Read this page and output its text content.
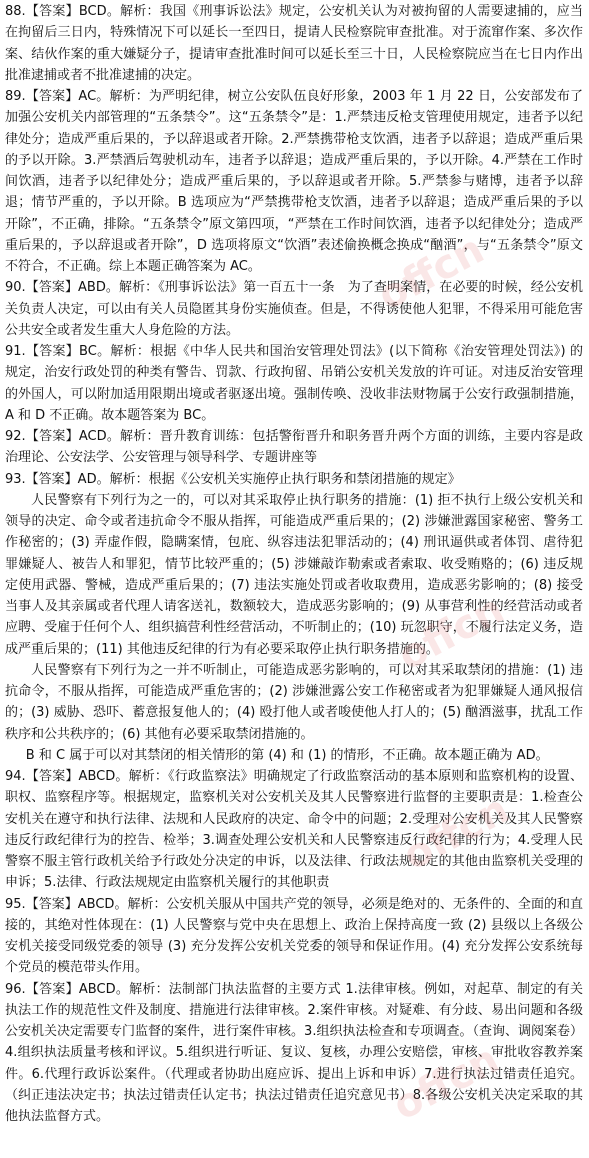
offcn
offcn
offcn
offcn

88.【答案】BCD。解析：我国《刑事诉讼法》规定，公安机关认为对被拘留的人需要逮捕的，应当在拘留后三日内，特殊情况下可以延长一至四日，提请人民检察院审查批准。对于流窜作案、多次作案、结伙作案的重大嫌疑分子，提请审查批准时间可以延长至三十日，人民检察院应当在七日内作出批准逮捕或者不批准逮捕的决定。

89.【答案】AC。解析：为严明纪律，树立公安队伍良好形象，2003 年 1 月 22 日，公安部发布了加强公安机关内部管理的“五条禁令”。这“五条禁令”是：1.严禁违反枪支管理使用规定，违者予以纪律处分；造成严重后果的，予以辞退或者开除。2.严禁携带枪支饮酒，违者予以辞退；造成严重后果的予以开除。3.严禁酒后驾驶机动车，违者予以辞退；造成严重后果的，予以开除。4.严禁在工作时间饮酒，违者予以纪律处分；造成严重后果的，予以辞退或者开除。5.严禁参与赌博，违者予以辞退；情节严重的，予以开除。B 选项应为“严禁携带枪支饮酒，违者予以辞退；造成严重后果的予以开除”，不正确，排除。“五条禁令”原文第四项，“严禁在工作时间饮酒，违者予以纪律处分；造成严重后果的，予以辞退或者开除”，D 选项将原文“饮酒”表述偷换概念换成“酗酒”，与“五条禁令”原文不符合，不正确。综上本题正确答案为 AC。

90.【答案】ABD。解析：《刑事诉讼法》第一百五十一条　为了查明案情，在必要的时候，经公安机关负责人决定，可以由有关人员隐匿其身份实施侦查。但是，不得诱使他人犯罪，不得采用可能危害公共安全或者发生重大人身危险的方法。

91.【答案】BC。解析：根据《中华人民共和国治安管理处罚法》(以下简称《治安管理处罚法》) 的规定，治安行政处罚的种类有警告、罚款、行政拘留、吊销公安机关发放的许可证。对违反治安管理的外国人，可以附加适用限期出境或者驱逐出境。强制传唤、没收非法财物属于公安行政强制措施，A 和 D 不正确。故本题答案为 BC。

92.【答案】ACD。解析：晋升教育训练：包括警衔晋升和职务晋升两个方面的训练，主要内容是政治理论、公安法学、公安管理与领导科学、专题讲座等

93.【答案】AD。解析：根据《公安机关实施停止执行职务和禁闭措施的规定》

人民警察有下列行为之一的，可以对其采取停止执行职务的措施：(1) 拒不执行上级公安机关和领导的决定、命令或者违抗命令不服从指挥，可能造成严重后果的；(2) 涉嫌泄露国家秘密、警务工作秘密的；(3) 弄虚作假，隐瞒案情，包庇、纵容违法犯罪活动的；(4) 刑讯逼供或者体罚、虐待犯罪嫌疑人、被告人和罪犯，情节比较严重的；(5) 涉嫌敲诈勒索或者索取、收受贿赂的；(6) 违反规定使用武器、警械，造成严重后果的；(7) 违法实施处罚或者收取费用，造成恶劣影响的；(8) 接受当事人及其亲属或者代理人请客送礼，数额较大，造成恶劣影响的；(9) 从事营利性的经营活动或者应聘、受雇于任何个人、组织搞营利性经营活动，不听制止的；(10) 玩忽职守，不履行法定义务，造成严重后果的；(11) 其他违反纪律的行为有必要采取停止执行职务措施的。

人民警察有下列行为之一并不听制止，可能造成恶劣影响的，可以对其采取禁闭的措施：(1) 违抗命令，不服从指挥，可能造成严重危害的；(2) 涉嫌泄露公安工作秘密或者为犯罪嫌疑人通风报信的；(3) 威胁、恐吓、蓄意报复他人的；(4) 殴打他人或者唆使他人打人的；(5) 酗酒滋事，扰乱工作秩序和公共秩序的；(6) 其他有必要采取禁闭措施的。

B 和 C 属于可以对其禁闭的相关情形的第 (4) 和 (1) 的情形，不正确。故本题正确为 AD。

94.【答案】ABCD。解析：《行政监察法》明确规定了行政监察活动的基本原则和监察机构的设置、职权、监察程序等。根据规定，监察机关对公安机关及其人民警察进行监督的主要职责是：1.检查公安机关在遵守和执行法律、法规和人民政府的决定、命令中的问题；2.受理对公安机关及其人民警察违反行政纪律行为的控告、检举；3.调查处理公安机关和人民警察违反行政纪律的行为；4.受理人民警察不服主管行政机关给予行政处分决定的申诉，以及法律、行政法规规定的其他由监察机关受理的申诉；5.法律、行政法规规定由监察机关履行的其他职责

95.【答案】ABCD。解析：公安机关服从中国共产党的领导，必须是绝对的、无条件的、全面的和直接的，其绝对性体现在：(1) 人民警察与党中央在思想上、政治上保持高度一致 (2) 县级以上各级公安机关接受同级党委的领导 (3) 充分发挥公安机关党委的领导和保证作用。(4) 充分发挥公安系统每个党员的模范带头作用。

96.【答案】ABCD。解析：法制部门执法监督的主要方式 1.法律审核。例如，对起草、制定的有关执法工作的规范性文件及制度、措施进行法律审核。2.案件审核。对疑难、有分歧、易出问题和各级公安机关决定需要专门监督的案件，进行案件审核。3.组织执法检查和专项调查。（查询、调阅案卷）4.组织执法质量考核和评议。5.组织进行听证、复议、复核，办理公安赔偿，审核、审批收容教养案件。6.代理行政诉讼案件。（代理或者协助出庭应诉、提出上诉和申诉）7.进行执法过错责任追究。（纠正违法决定书；执法过错责任认定书；执法过错责任追究意见书）8.各级公安机关决定采取的其他执法监督方式。
